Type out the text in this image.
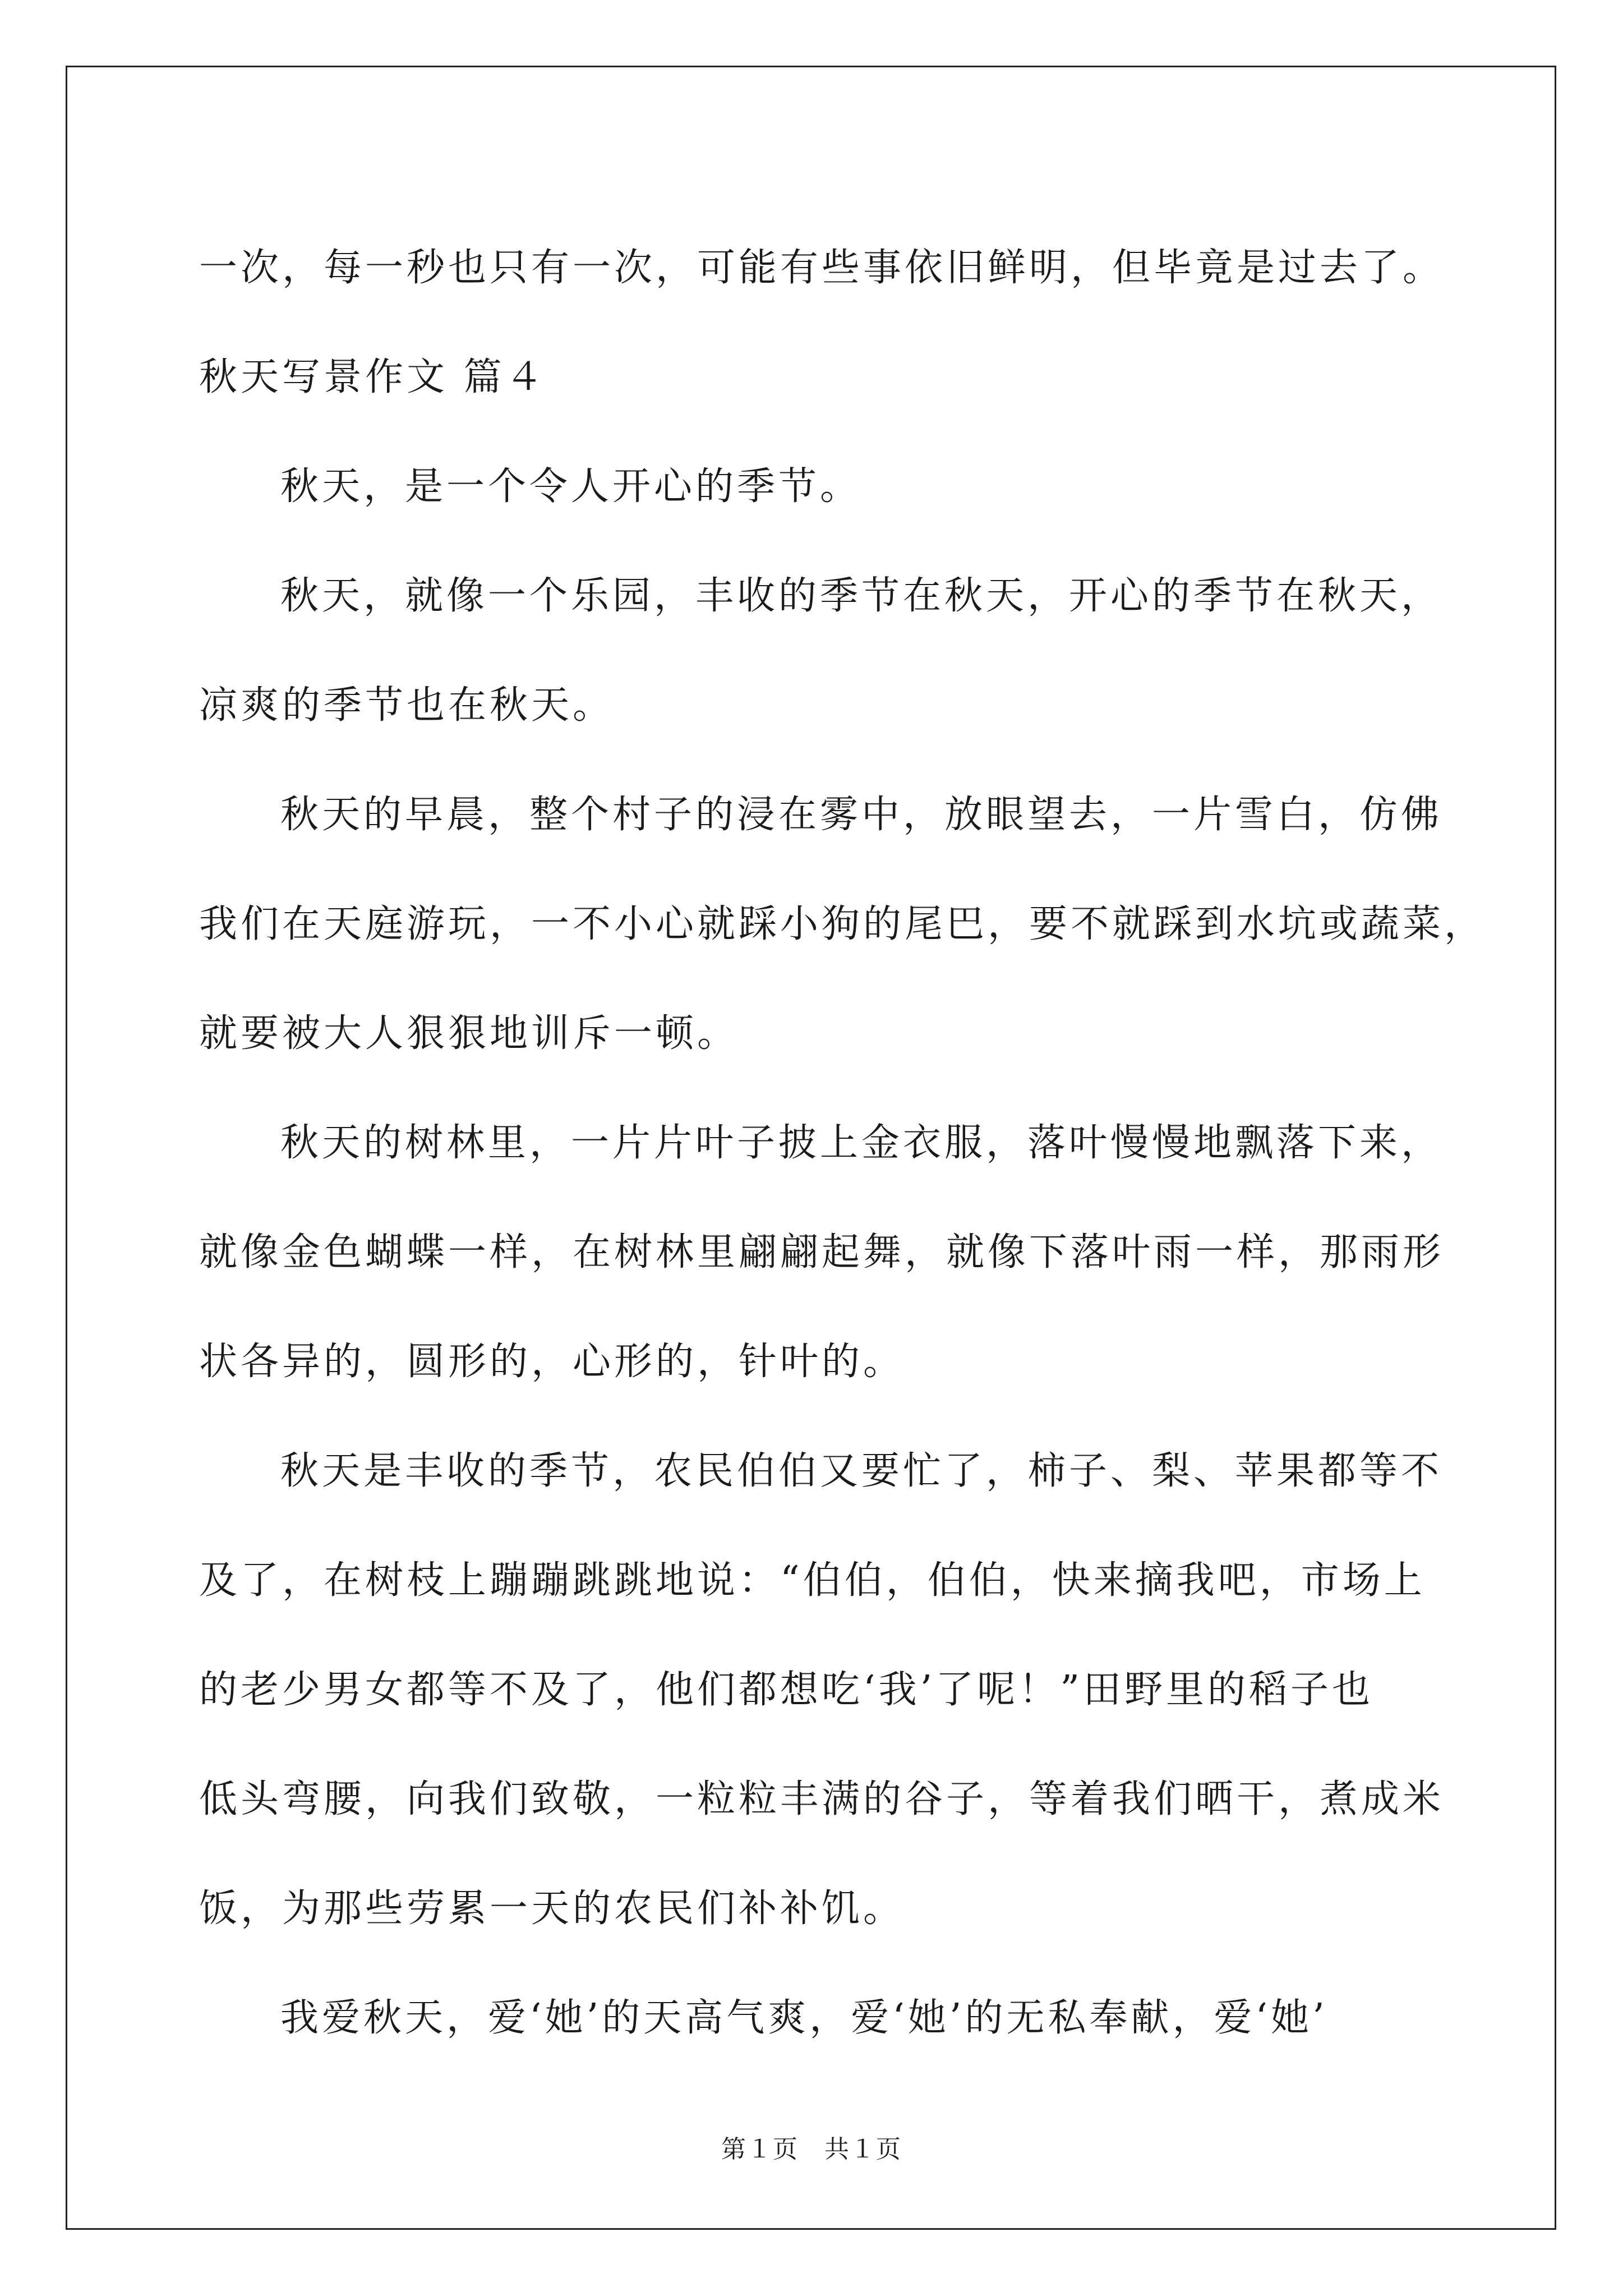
一次，每一秒也只有一次，可能有些事依旧鲜明，但毕竟是过去了。
秋天写景作文 篇４
秋天，是一个令人开心的季节。
秋天，就像一个乐园，丰收的季节在秋天，开心的季节在秋天，
凉爽的季节也在秋天。
秋天的早晨，整个村子的浸在雾中，放眼望去，一片雪白，仿佛
我们在天庭游玩，一不小心就踩小狗的尾巴，要不就踩到水坑或蔬菜，
就要被大人狠狠地训斥一顿。
秋天的树林里，一片片叶子披上金衣服，落叶慢慢地飘落下来，
就像金色蝴蝶一样，在树林里翩翩起舞，就像下落叶雨一样，那雨形
状各异的，圆形的，心形的，针叶的。
秋天是丰收的季节，农民伯伯又要忙了，柿子、梨、苹果都等不
及了，在树枝上蹦蹦跳跳地说：“伯伯，伯伯，快来摘我吧，市场上
的老少男女都等不及了，他们都想吃‘我’了呢！”田野里的稻子也
低头弯腰，向我们致敬，一粒粒丰满的谷子，等着我们晒干，煮成米
饭，为那些劳累一天的农民们补补饥。
我爱秋天，爱‘她’的天高气爽，爱‘她’的无私奉献，爱‘她’
第１页　共１页
